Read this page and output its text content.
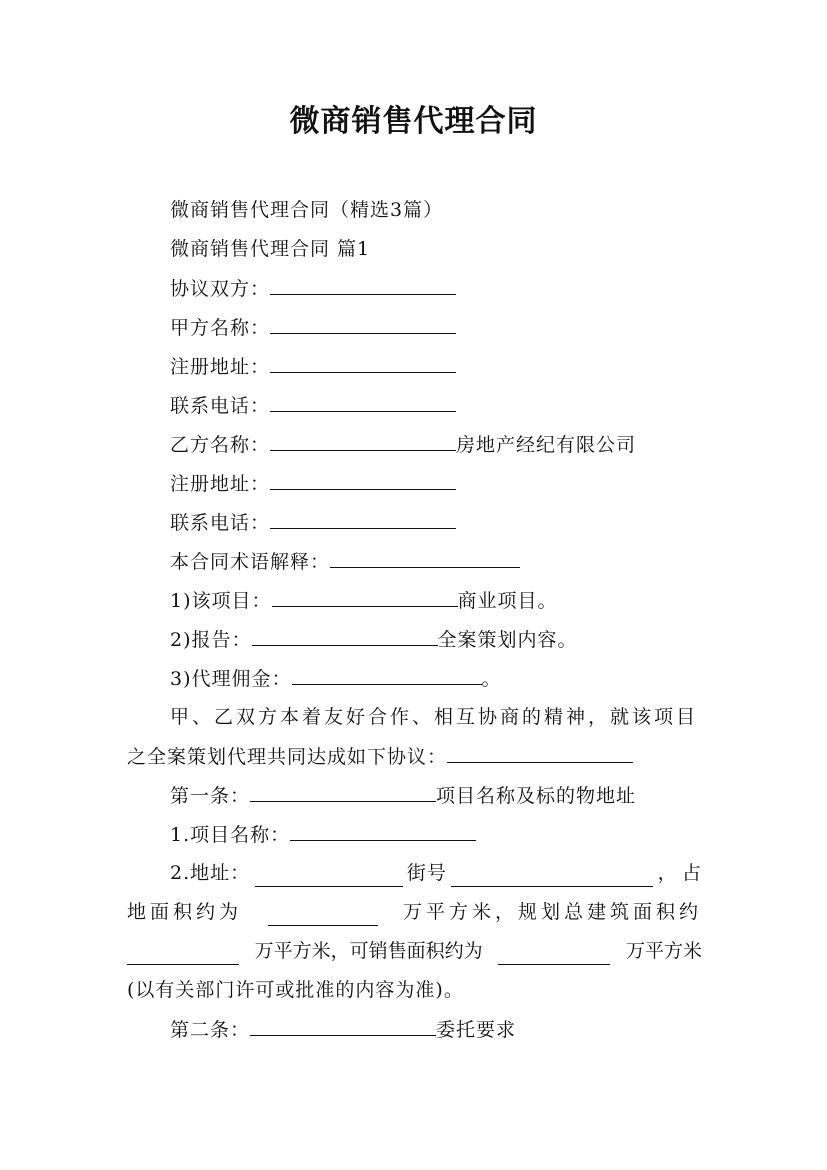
微商销售代理合同
微商销售代理合同（精选3篇）
微商销售代理合同 篇1
协议双方：
甲方名称：
注册地址：
联系电话：
乙方名称：	房地产经纪有限公司
注册地址：
联系电话：
本合同术语解释：
1)该项目：	商业项目。
2)报告：	全案策划内容。
3)代理佣金：	。
甲、乙双方本着友好合作、相互协商的精神，就该项目
之全案策划代理共同达成如下协议：
第一条：	项目名称及标的物地址
1.项目名称：
2.地址：	街号	， 占
地面积约为	万平方米，规划总建筑面积约
万平方米，可销售面积约为	万平方米
(以有关部门许可或批准的内容为准)。
第二条：	委托要求
